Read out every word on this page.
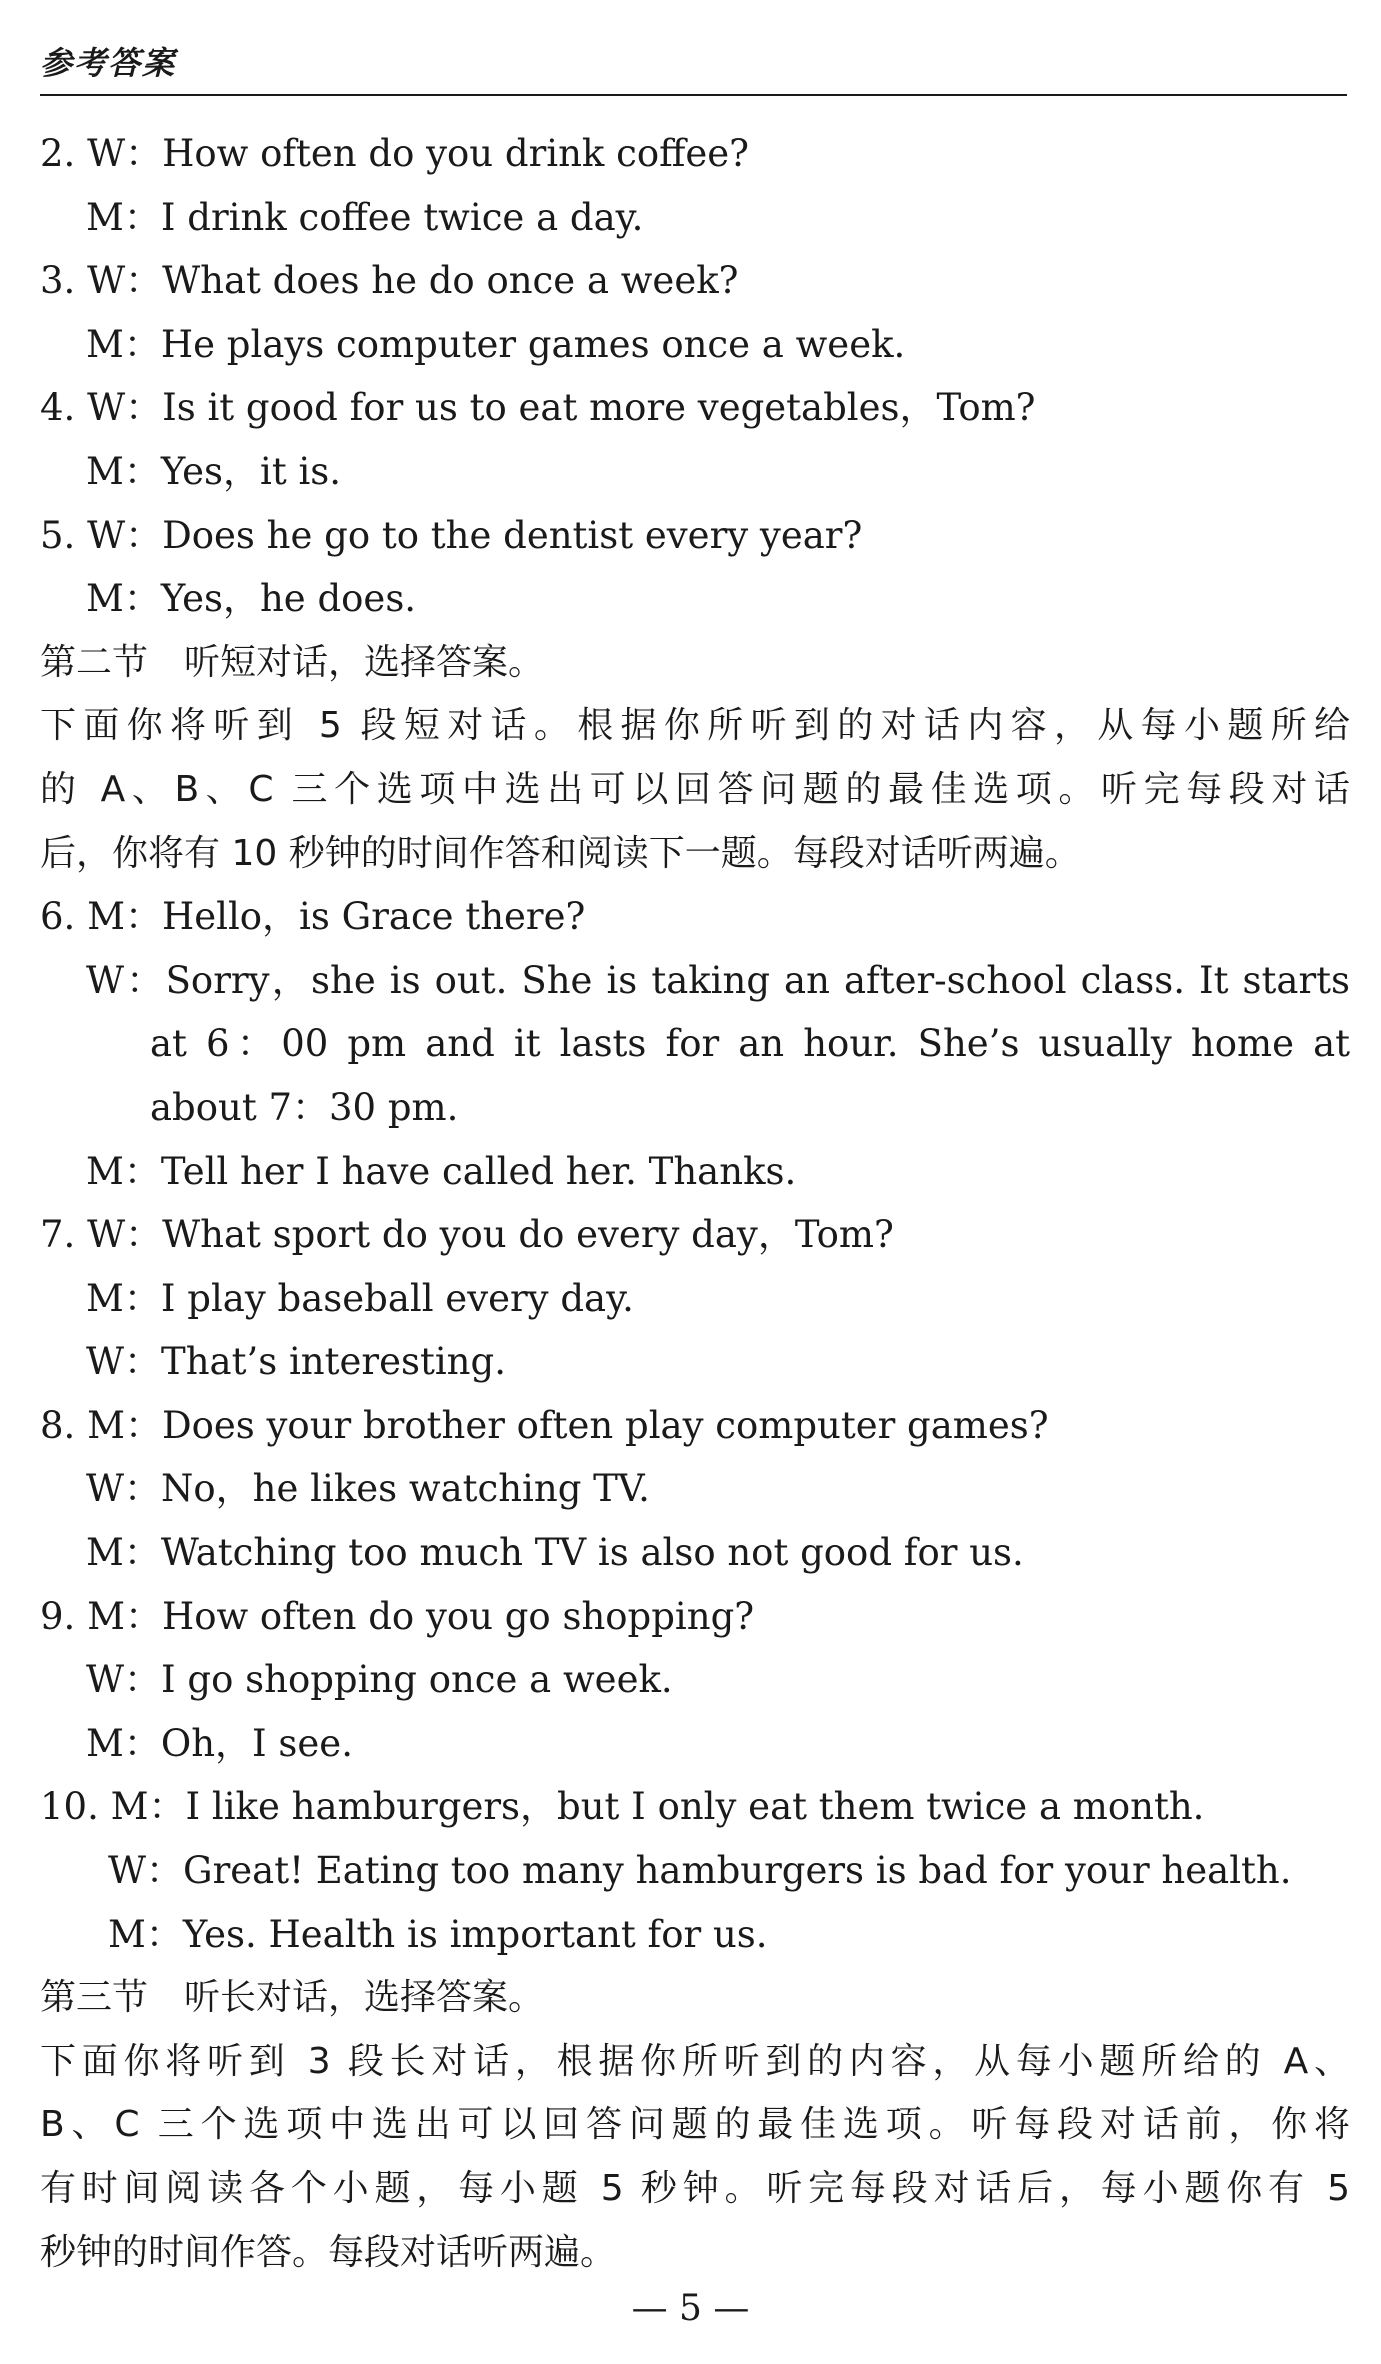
参考答案
2. W：How often do you drink coffee?
M：I drink coffee twice a day.
3. W：What does he do once a week?
M：He plays computer games once a week.
4. W：Is it good for us to eat more vegetables，Tom?
M：Yes，it is.
5. W：Does he go to the dentist every year?
M：Yes，he does.
第二节　听短对话，选择答案。
下面你将听到 5 段短对话。根据你所听到的对话内容，从每小题所给
的 A、B、C 三个选项中选出可以回答问题的最佳选项。听完每段对话
后，你将有 10 秒钟的时间作答和阅读下一题。每段对话听两遍。
6. M：Hello，is Grace there?
W：Sorry，she is out. She is taking an after-school class. It starts
at 6：00 pm and it lasts for an hour. She’s usually home at
about 7：30 pm.
M：Tell her I have called her. Thanks.
7. W：What sport do you do every day，Tom?
M：I play baseball every day.
W：That’s interesting.
8. M：Does your brother often play computer games?
W：No，he likes watching TV.
M：Watching too much TV is also not good for us.
9. M：How often do you go shopping?
W：I go shopping once a week.
M：Oh，I see.
10. M：I like hamburgers，but I only eat them twice a month.
W：Great! Eating too many hamburgers is bad for your health.
M：Yes. Health is important for us.
第三节　听长对话，选择答案。
下面你将听到 3 段长对话，根据你所听到的内容，从每小题所给的 A、
B、C 三个选项中选出可以回答问题的最佳选项。听每段对话前，你将
有时间阅读各个小题，每小题 5 秒钟。听完每段对话后，每小题你有 5
秒钟的时间作答。每段对话听两遍。
— 5 —
